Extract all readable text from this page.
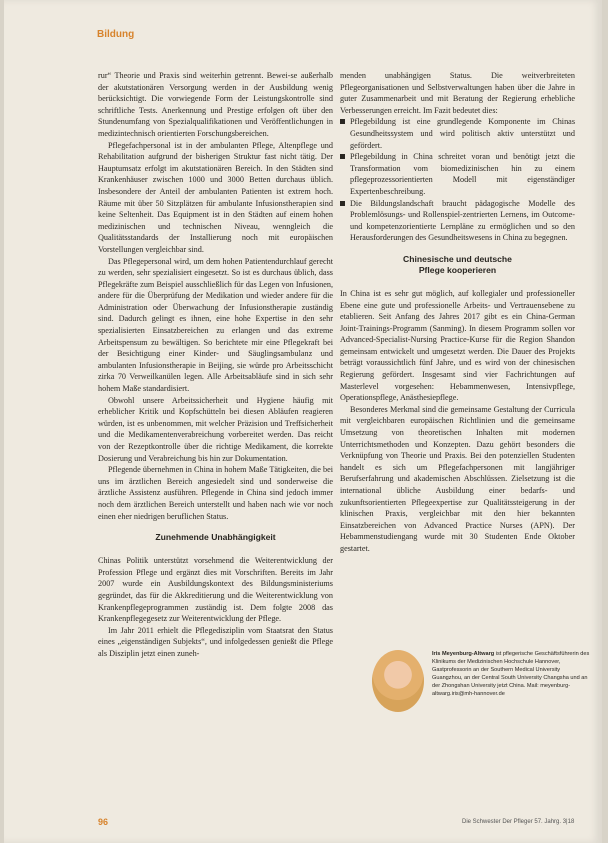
Bildung

rur“ Theorie und Praxis sind weiterhin getrennt. Bewei-se außerhalb der akutstationären Versorgung werden in der Ausbildung wenig berücksichtigt. Die vorwiegende Form der Leistungskontrolle sind schriftliche Tests. Anerkennung und Prestige erfolgen oft über den Stundenumfang von Spezialqualifikationen und Veröffentlichungen in medizintechnisch orientierten Forschungsbereichen.

Pflegefachpersonal ist in der ambulanten Pflege, Altenpflege und Rehabilitation aufgrund der bisherigen Struktur fast nicht tätig. Der Hauptumsatz erfolgt im akutstationären Bereich. In den Städten sind Krankenhäuser zwischen 1000 und 3000 Betten durchaus üblich. Insbesondere der Anteil der ambulanten Patienten ist extrem hoch. Räume mit über 50 Sitzplätzen für ambulante Infusionstherapien sind keine Seltenheit. Das Equipment ist in den Städten auf einem hohen medizinischen und technischen Niveau, wenngleich die Qualitätsstandards der Installierung noch mit europäischen Vorstellungen vergleichbar sind.

Das Pflegepersonal wird, um dem hohen Patientendurchlauf gerecht zu werden, sehr spezialisiert eingesetzt. So ist es durchaus üblich, dass Pflegekräfte zum Beispiel ausschließlich für das Legen von Infusionen, andere für die Überprüfung der Medikation und wieder andere für die Administration oder Überwachung der Infusionstherapie zuständig sind. Dadurch gelingt es ihnen, eine hohe Expertise in den sehr spezialisierten Einsatzbereichen zu erlangen und das extreme Arbeitspensum zu bewältigen. So berichtete mir eine Pflegekraft bei der Besichtigung einer Kinder- und Säuglingsambulanz und ambulanten Infusionstherapie in Beijing, sie würde pro Arbeitsschicht zirka 70 Verweilkanülen legen. Alle Arbeitsabläufe sind in sich sehr hohem Maße standardisiert.

Obwohl unsere Arbeitssicherheit und Hygiene häufig mit erheblicher Kritik und Kopfschütteln bei diesen Abläufen reagieren würden, ist es unbenommen, mit welcher Präzision und Treffsicherheit und die Medikamentenverabreichung vorbereitet werden. Das reicht von der Rezeptkontrolle über die richtige Medikament, die korrekte Dosierung und Verabreichung bis hin zur Dokumentation.

Pflegende übernehmen in China in hohem Maße Tätigkeiten, die bei uns im ärztlichen Bereich angesiedelt sind und sonderweise die ärztliche Assistenz ausführen. Pflegende in China sind jedoch immer noch dem ärztlichen Bereich unterstellt und haben nach wie vor noch einen eher niedrigen beruflichen Status.

Zunehmende Unabhängigkeit

Chinas Politik unterstützt vorsehmend die Weiterentwicklung der Profession Pflege und ergänzt dies mit Vorschriften. Bereits im Jahr 2007 wurde ein Ausbildungskontext des Bildungsministeriums gegründet, das für die Akkreditierung und die Weiterentwicklung von Krankenpflegeprogrammen zuständig ist. Dem folgte 2008 das Krankenpflegegesetz zur Weiterentwicklung der Pflege.

Im Jahr 2011 erhielt die Pflegedisziplin vom Staatsrat den Status eines „eigenständigen Subjekts“, und infolgedessen genießt die Pflege als Disziplin jetzt einen zuneh-

menden unabhängigen Status. Die weitverbreiteten Pflegeorganisationen und Selbstverwaltungen haben über die Jahre in guter Zusammenarbeit und mit Beratung der Regierung erhebliche Verbesserungen erreicht. Im Fazit bedeutet dies:

Pflegebildung ist eine grundlegende Komponente im Chinas Gesundheitssystem und wird politisch aktiv unterstützt und gefördert.
Pflegebildung in China schreitet voran und benötigt jetzt die Transformation vom biomedizinischen hin zu einem pflegeprozessorientierten Modell mit eigenständiger Expertenbeschreibung.
Die Bildungslandschaft braucht pädagogische Modelle des Problemlösungs- und Rollenspiel-zentrierten Lernens, im Outcome- und kompetenzorientierte Lernpläne zu ermöglichen und so den Herausforderungen des Gesundheitswesens in China zu begegnen.
Chinesische und deutsche
Pflege kooperieren

In China ist es sehr gut möglich, auf kollegialer und professioneller Ebene eine gute und professionelle Arbeits- und Vertrauensebene zu etablieren. Seit Anfang des Jahres 2017 gibt es ein China-German Joint-Trainings-Programm (Sanming). In diesem Programm sollen vor Advanced-Specialist-Nursing Practice-Kurse für die Region Shandon gemeinsam entwickelt und umgesetzt werden. Die Dauer des Projekts beträgt voraussichtlich fünf Jahre, und es wird von der chinesischen Regierung gefördert. Insgesamt sind vier Fachrichtungen auf Masterlevel vorgesehen: Hebammenwesen, Intensivpflege, Operationspflege, Anästhesiepflege.

Besonderes Merkmal sind die gemeinsame Gestaltung der Curricula mit vergleichbaren europäischen Richtlinien und die gemeinsame Umsetzung von theoretischen Inhalten mit modernen Unterrichtsmethoden und Konzepten. Dazu gehört besonders die Verknüpfung von Theorie und Praxis. Bei den potenziellen Studenten handelt es sich um Pflegefachpersonen mit langjähriger Berufserfahrung und akademischen Abschlüssen. Zielsetzung ist die international übliche Ausbildung einer bedarfs- und zukunftsorientierten Pflegeexpertise zur Qualitätssteigerung in der klinischen Praxis, vergleichbar mit den hier bekannten Einsatzbereichen von Advanced Practice Nurses (APN). Der Hebammenstudiengang wurde mit 30 Studenten Ende Oktober gestartet.

Iris Meyenburg-Altwarg ist pflegerische Geschäftsführerin des Klinikums der Medizinischen Hochschule Hannover, Gastprofessorin an der Southern Medical University Guangzhou, an der Central South University Changsha und an der Zhongshan University jetzt China. Mail: meyenburg-altwarg.iris@mh-hannover.de
96	Die Schwester Der Pfleger 57. Jahrg. 3|18
